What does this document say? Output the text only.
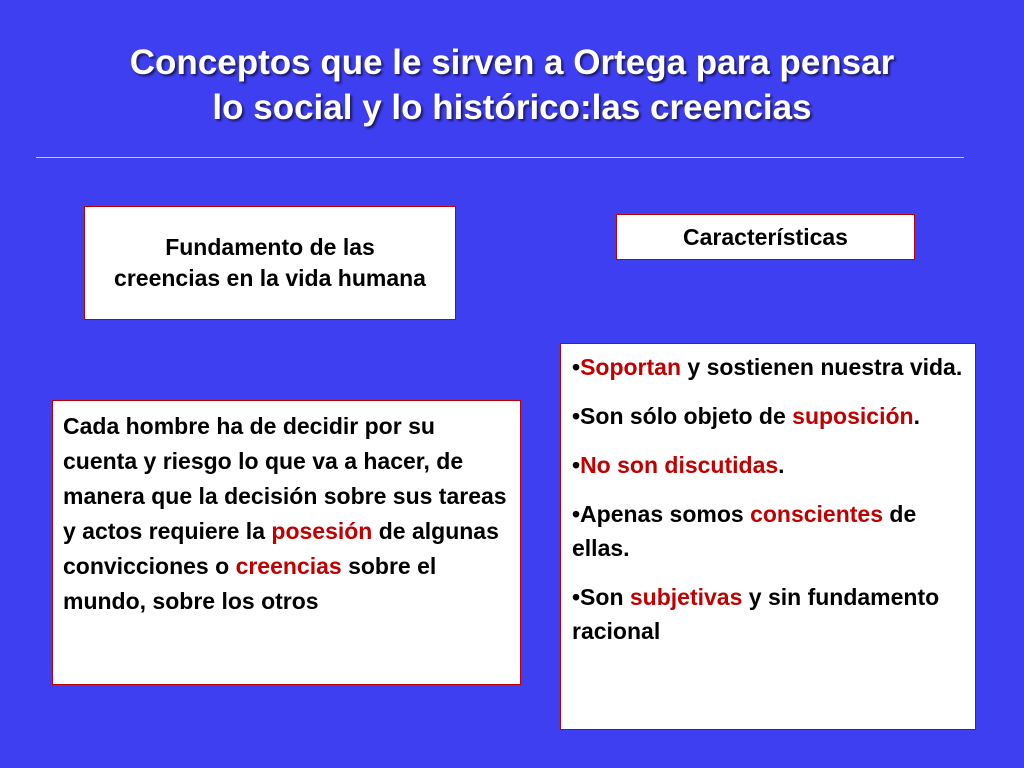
Conceptos que le sirven a Ortega para pensar
lo social y lo histórico:las creencias
Fundamento de las creencias en la vida humana
Características
Cada hombre ha de decidir por su cuenta y riesgo lo que va a hacer, de manera que la decisión sobre sus tareas y actos requiere la posesión de algunas convicciones o creencias sobre el mundo, sobre los otros

•Soportan y sostienen nuestra vida.

•Son sólo objeto de suposición.

•No son discutidas.

•Apenas somos conscientes de ellas.

•Son subjetivas y sin fundamento racional
